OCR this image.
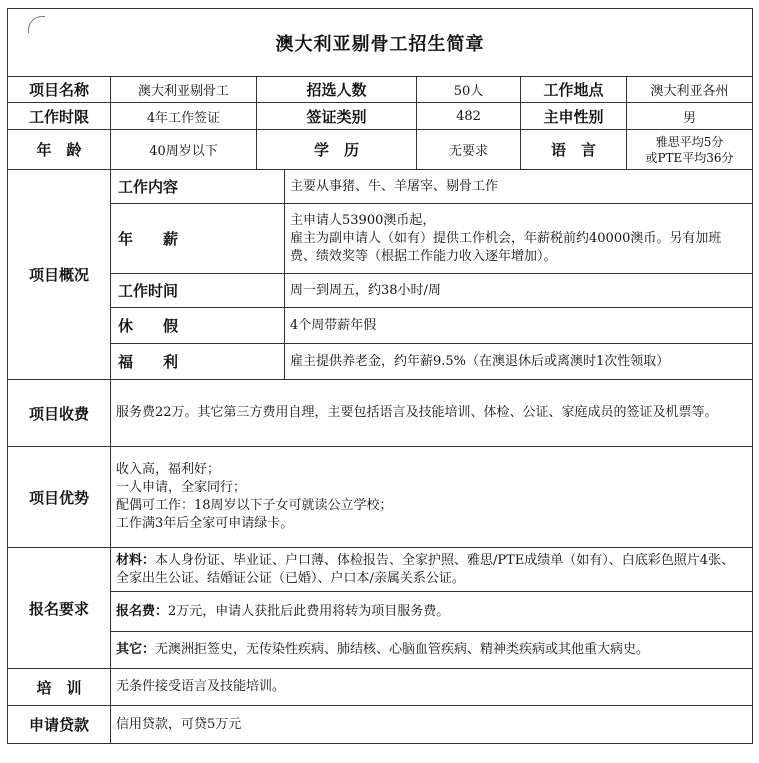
澳大利亚剔骨工招生简章						
项目名称	澳大利亚剔骨工	招选人数		50人	工作地点	澳大利亚各州
工作时限	4年工作签证	签证类别		482	主申性别	男
年　龄	40周岁以下	学　历		无要求	语　言	雅思平均5分
或PTE平均36分

项目概况	工作内容		主要从事猪、牛、羊屠宰、剔骨工作			
	年　　薪		主申请人53900澳币起，
雇主为副申请人（如有）提供工作机会，年薪税前约40000澳币。另有加班费、绩效奖等（根据工作能力收入逐年增加）。			

	工作时间		周一到周五，约38小时/周			
	休　　假		4个周带薪年假			
	福　　利		雇主提供养老金，约年薪9.5%（在澳退休后或离澳时1次性领取）			
项目收费	服务费22万。其它第三方费用自理，主要包括语言及技能培训、体检、公证、家庭成员的签证及机票等。					
项目优势	收入高，福利好；
一人申请，全家同行；
配偶可工作：18周岁以下子女可就读公立学校；
工作满3年后全家可申请绿卡。					

报名要求	材料：本人身份证、毕业证、户口薄、体检报告、全家护照、雅思/PTE成绩单（如有）、白底彩色照片4张、全家出生公证、结婚证公证（已婚）、户口本/亲属关系公证。					
	报名费：2万元，申请人获批后此费用将转为项目服务费。					
	其它：无澳洲拒签史，无传染性疾病、肺结核、心脑血管疾病、精神类疾病或其他重大病史。					
培　训	无条件接受语言及技能培训。					
申请贷款	信用贷款，可贷5万元					
